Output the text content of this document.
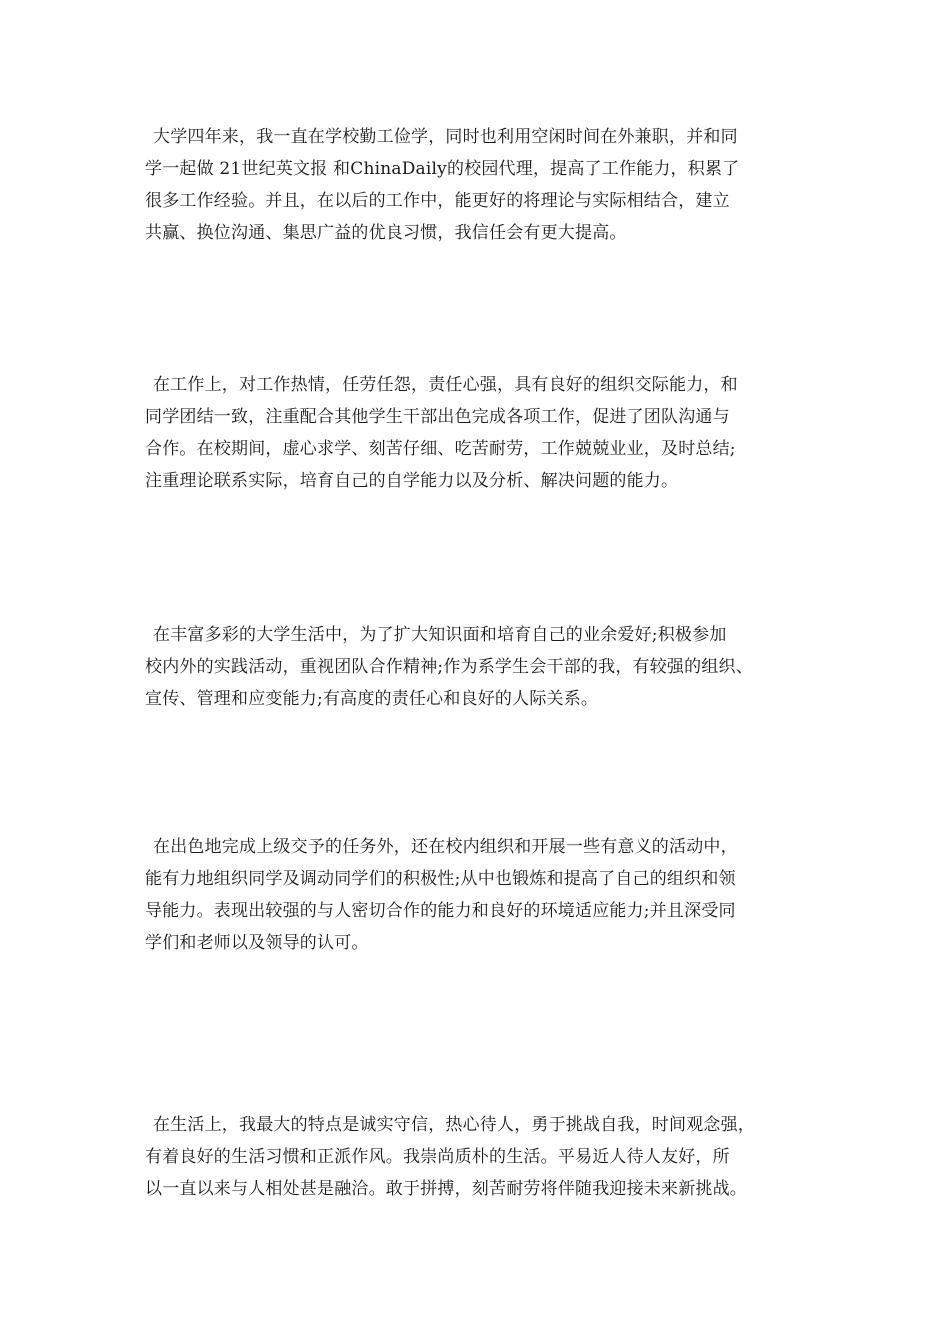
大学四年来，我一直在学校勤工俭学，同时也利用空闲时间在外兼职，并和同
学一起做 21世纪英文报 和ChinaDaily的校园代理，提高了工作能力，积累了
很多工作经验。并且，在以后的工作中，能更好的将理论与实际相结合，建立
共赢、换位沟通、集思广益的优良习惯，我信任会有更大提高。
在工作上，对工作热情，任劳任怨，责任心强，具有良好的组织交际能力，和
同学团结一致，注重配合其他学生干部出色完成各项工作，促进了团队沟通与
合作。在校期间，虚心求学、刻苦仔细、吃苦耐劳，工作兢兢业业，及时总结;
注重理论联系实际，培育自己的自学能力以及分析、解决问题的能力。
在丰富多彩的大学生活中，为了扩大知识面和培育自己的业余爱好;积极参加
校内外的实践活动，重视团队合作精神;作为系学生会干部的我，有较强的组织、
宣传、管理和应变能力;有高度的责任心和良好的人际关系。
在出色地完成上级交予的任务外，还在校内组织和开展一些有意义的活动中，
能有力地组织同学及调动同学们的积极性;从中也锻炼和提高了自己的组织和领
导能力。表现出较强的与人密切合作的能力和良好的环境适应能力;并且深受同
学们和老师以及领导的认可。
在生活上，我最大的特点是诚实守信，热心待人，勇于挑战自我，时间观念强，
有着良好的生活习惯和正派作风。我崇尚质朴的生活。平易近人待人友好，所
以一直以来与人相处甚是融洽。敢于拼搏，刻苦耐劳将伴随我迎接未来新挑战。
